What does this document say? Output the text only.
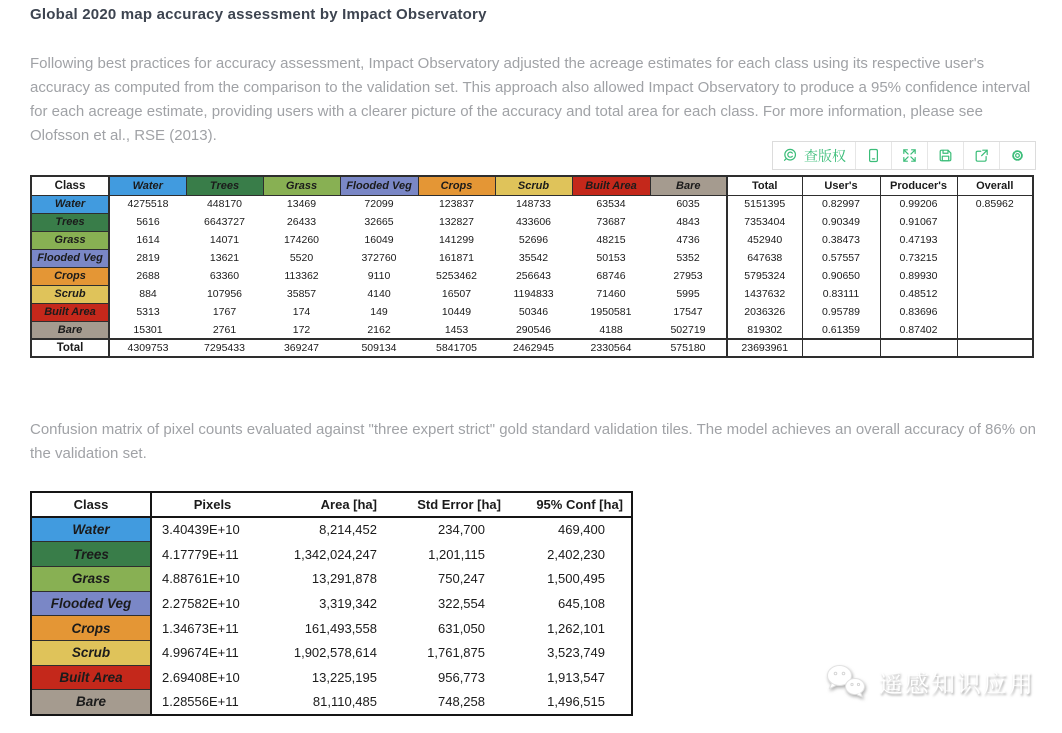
Global 2020 map accuracy assessment by Impact Observatory
Following best practices for accuracy assessment, Impact Observatory adjusted the acreage estimates for each class using its respective user's accuracy as computed from the comparison to the validation set. This approach also allowed Impact Observatory to produce a 95% confidence interval for each acreage estimate, providing users with a clearer picture of the accuracy and total area for each class. For more information, please see Olofsson et al., RSE (2013).
查版权
Class	Water	Trees	Grass	Flooded Veg	Crops	Scrub	Built Area	Bare	Total	User's	Producer's	Overall
Water	4275518	448170	13469	72099	123837	148733	63534	6035	5151395	0.82997	0.99206	0.85962
Trees	5616	6643727	26433	32665	132827	433606	73687	4843	7353404	0.90349	0.91067	
Grass	1614	14071	174260	16049	141299	52696	48215	4736	452940	0.38473	0.47193	
Flooded Veg	2819	13621	5520	372760	161871	35542	50153	5352	647638	0.57557	0.73215	
Crops	2688	63360	113362	9110	5253462	256643	68746	27953	5795324	0.90650	0.89930	
Scrub	884	107956	35857	4140	16507	1194833	71460	5995	1437632	0.83111	0.48512	
Built Area	5313	1767	174	149	10449	50346	1950581	17547	2036326	0.95789	0.83696	
Bare	15301	2761	172	2162	1453	290546	4188	502719	819302	0.61359	0.87402	
Total	4309753	7295433	369247	509134	5841705	2462945	2330564	575180	23693961			
Confusion matrix of pixel counts evaluated against "three expert strict" gold standard validation tiles. The model achieves an overall accuracy of 86% on the validation set.
Class	Pixels	Area [ha]	Std Error [ha]	95% Conf [ha]
Water	3.40439E+10	8,214,452	234,700	469,400
Trees	4.17779E+11	1,342,024,247	1,201,115	2,402,230
Grass	4.88761E+10	13,291,878	750,247	1,500,495
Flooded Veg	2.27582E+10	3,319,342	322,554	645,108
Crops	1.34673E+11	161,493,558	631,050	1,262,101
Scrub	4.99674E+11	1,902,578,614	1,761,875	3,523,749
Built Area	2.69408E+10	13,225,195	956,773	1,913,547
Bare	1.28556E+11	81,110,485	748,258	1,496,515
遥感知识应用
